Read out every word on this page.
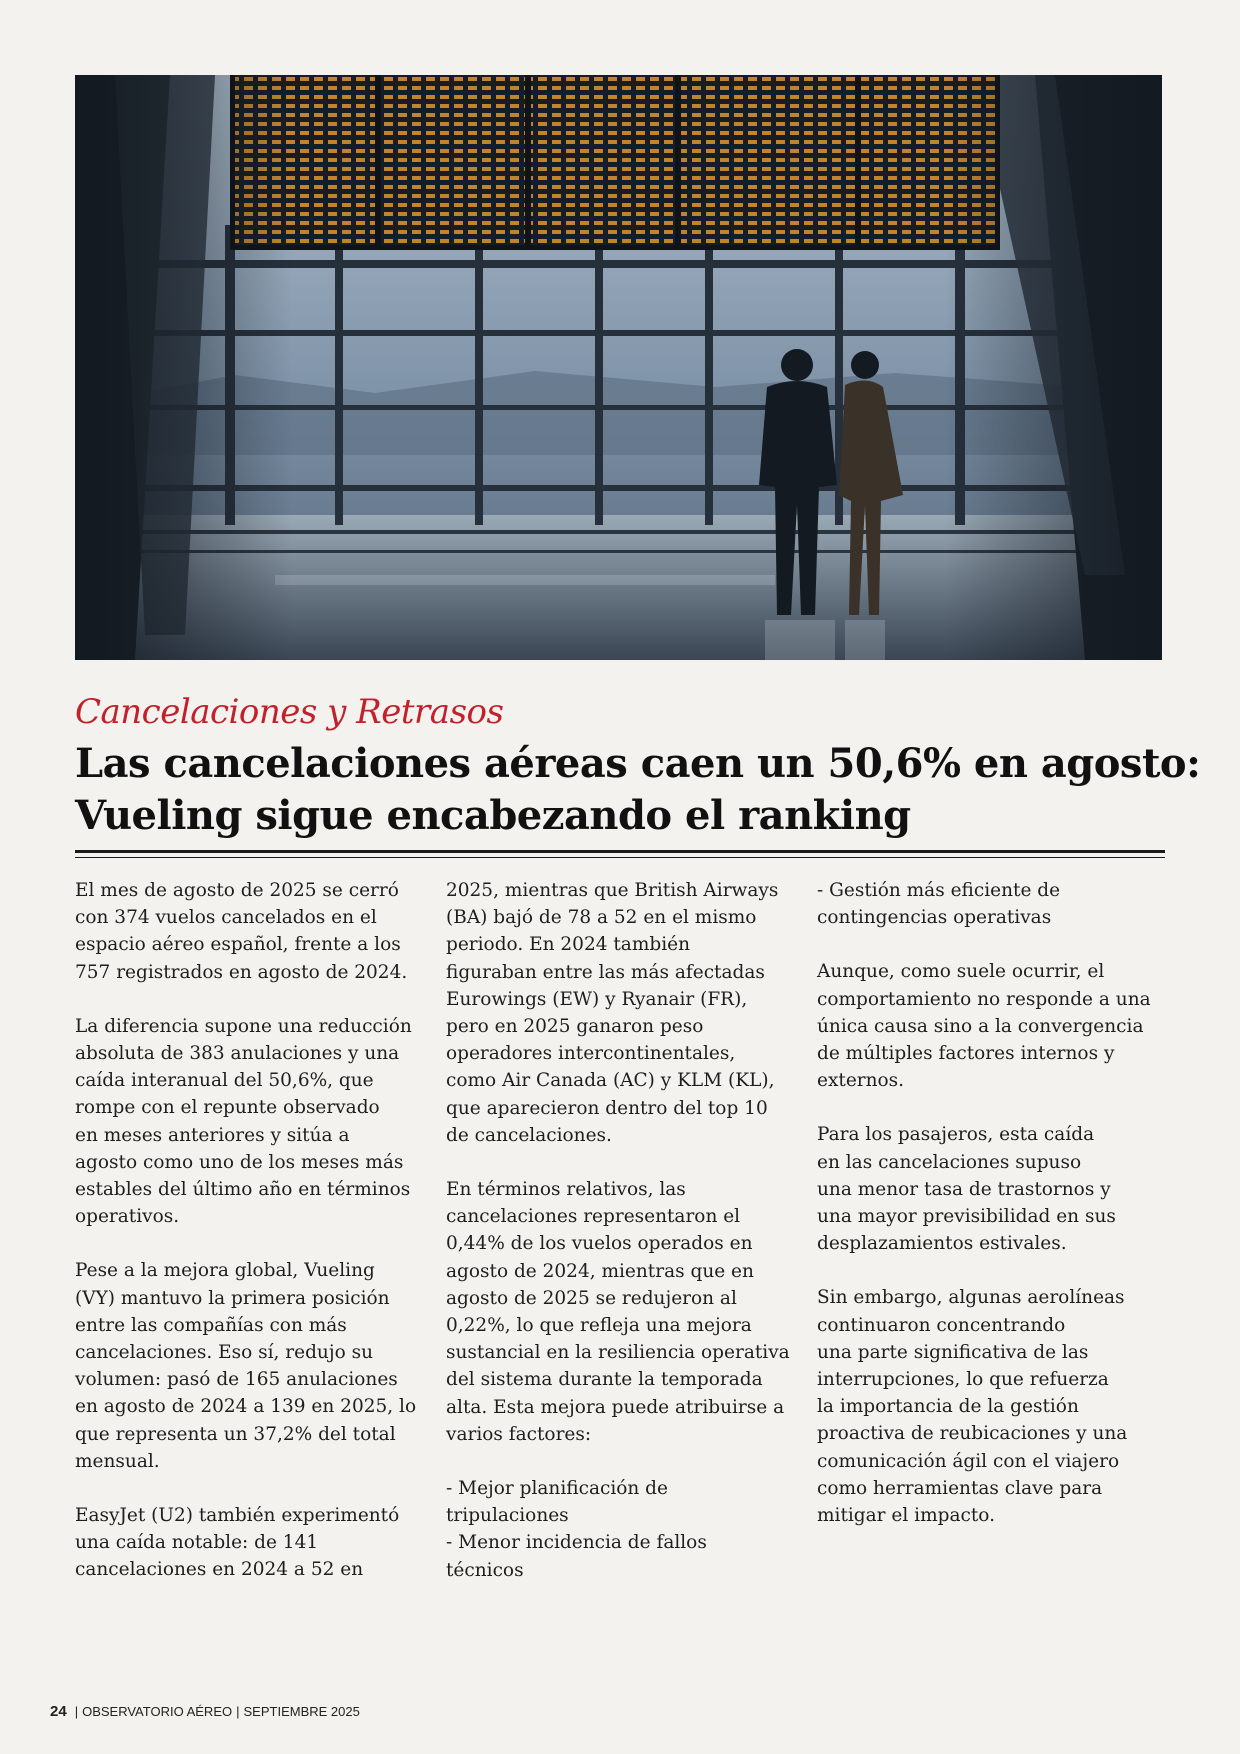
Cancelaciones y Retrasos
Las cancelaciones aéreas caen un 50,6% en agosto:
Vueling sigue encabezando el ranking

El mes de agosto de 2025 se cerró
con 374 vuelos cancelados en el
espacio aéreo español, frente a los
757 registrados en agosto de 2024.

La diferencia supone una reducción
absoluta de 383 anulaciones y una
caída interanual del 50,6%, que
rompe con el repunte observado
en meses anteriores y sitúa a
agosto como uno de los meses más
estables del último año en términos
operativos.

Pese a la mejora global, Vueling
(VY) mantuvo la primera posición
entre las compañías con más
cancelaciones. Eso sí, redujo su
volumen: pasó de 165 anulaciones
en agosto de 2024 a 139 en 2025, lo
que representa un 37,2% del total
mensual.

EasyJet (U2) también experimentó
una caída notable: de 141
cancelaciones en 2024 a 52 en

2025, mientras que British Airways
(BA) bajó de 78 a 52 en el mismo
periodo. En 2024 también
figuraban entre las más afectadas
Eurowings (EW) y Ryanair (FR),
pero en 2025 ganaron peso
operadores intercontinentales,
como Air Canada (AC) y KLM (KL),
que aparecieron dentro del top 10
de cancelaciones.

En términos relativos, las
cancelaciones representaron el
0,44% de los vuelos operados en
agosto de 2024, mientras que en
agosto de 2025 se redujeron al
0,22%, lo que refleja una mejora
sustancial en la resiliencia operativa
del sistema durante la temporada
alta. Esta mejora puede atribuirse a
varios factores:

- Mejor planificación de
tripulaciones
- Menor incidencia de fallos
técnicos

- Gestión más eficiente de
contingencias operativas

Aunque, como suele ocurrir, el
comportamiento no responde a una
única causa sino a la convergencia
de múltiples factores internos y
externos.

Para los pasajeros, esta caída
en las cancelaciones supuso
una menor tasa de trastornos y
una mayor previsibilidad en sus
desplazamientos estivales.

Sin embargo, algunas aerolíneas
continuaron concentrando
una parte significativa de las
interrupciones, lo que refuerza
la importancia de la gestión
proactiva de reubicaciones y una
comunicación ágil con el viajero
como herramientas clave para
mitigar el impacto.

24 | OBSERVATORIO AÉREO | SEPTIEMBRE 2025
